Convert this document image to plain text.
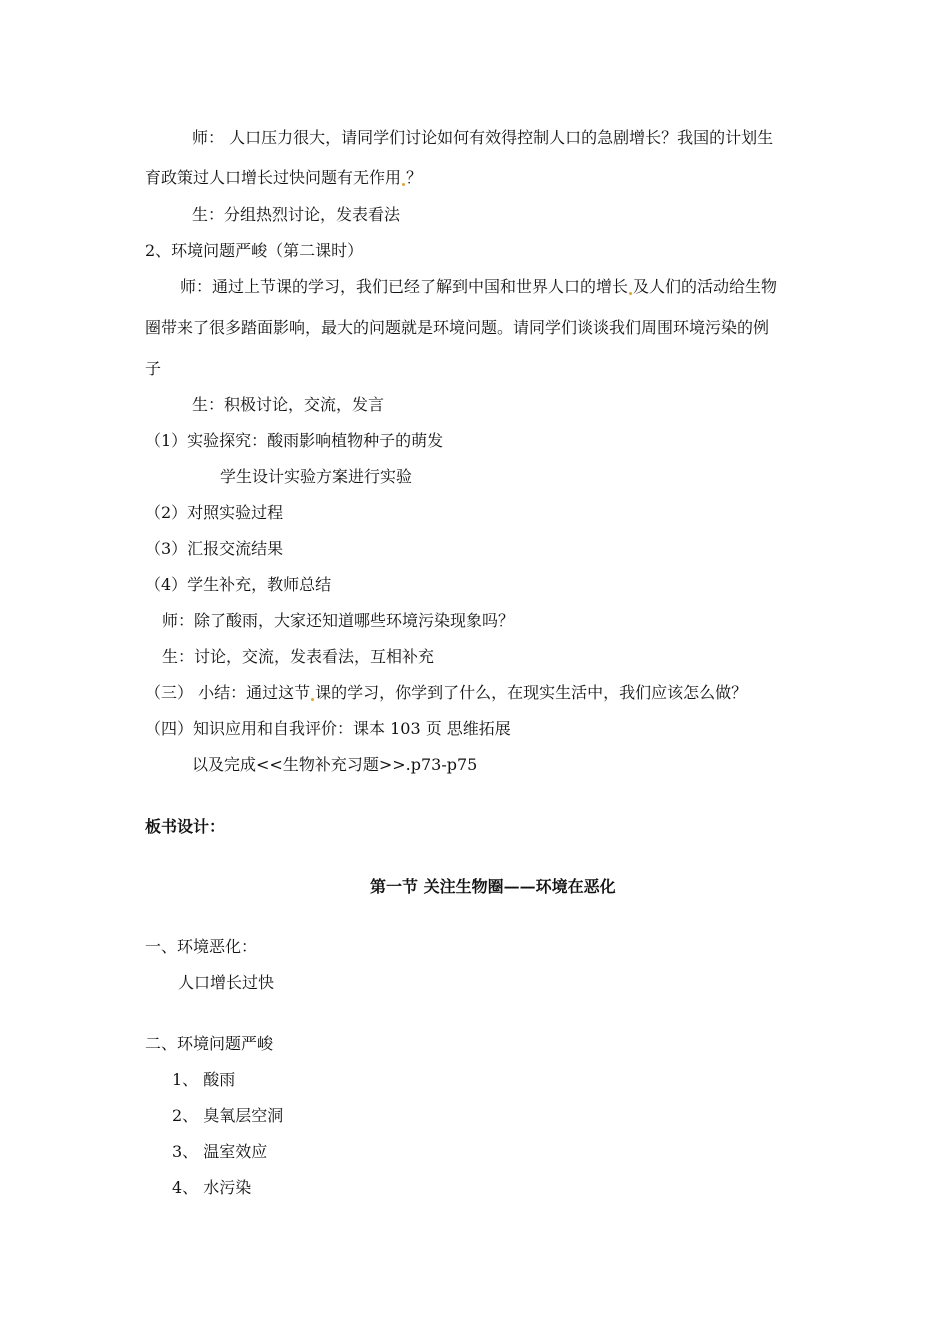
师： 人口压力很大，请同学们讨论如何有效得控制人口的急剧增长？我国的计划生
育政策过人口增长过快问题有无作用 ？
生：分组热烈讨论，发表看法
2、环境问题严峻（第二课时）
师：通过上节课的学习，我们已经了解到中国和世界人口的增长 及人们的活动给生物
圈带来了很多踏面影响，最大的问题就是环境问题。请同学们谈谈我们周围环境污染的例
子
生：积极讨论，交流，发言
（1）实验探究：酸雨影响植物种子的萌发
学生设计实验方案进行实验
（2）对照实验过程
（3）汇报交流结果
（4）学生补充，教师总结
师：除了酸雨，大家还知道哪些环境污染现象吗？
生：讨论，交流，发表看法，互相补充
（三） 小结：通过这节 课的学习，你学到了什么，在现实生活中，我们应该怎么做？
（四）知识应用和自我评价：课本 103 页 思维拓展
以及完成<<生物补充习题>>.p73-p75
板书设计：
第一节 关注生物圈——环境在恶化
一、环境恶化：
人口增长过快
二、环境问题严峻
1、 酸雨
2、 臭氧层空洞
3、 温室效应
4、 水污染
